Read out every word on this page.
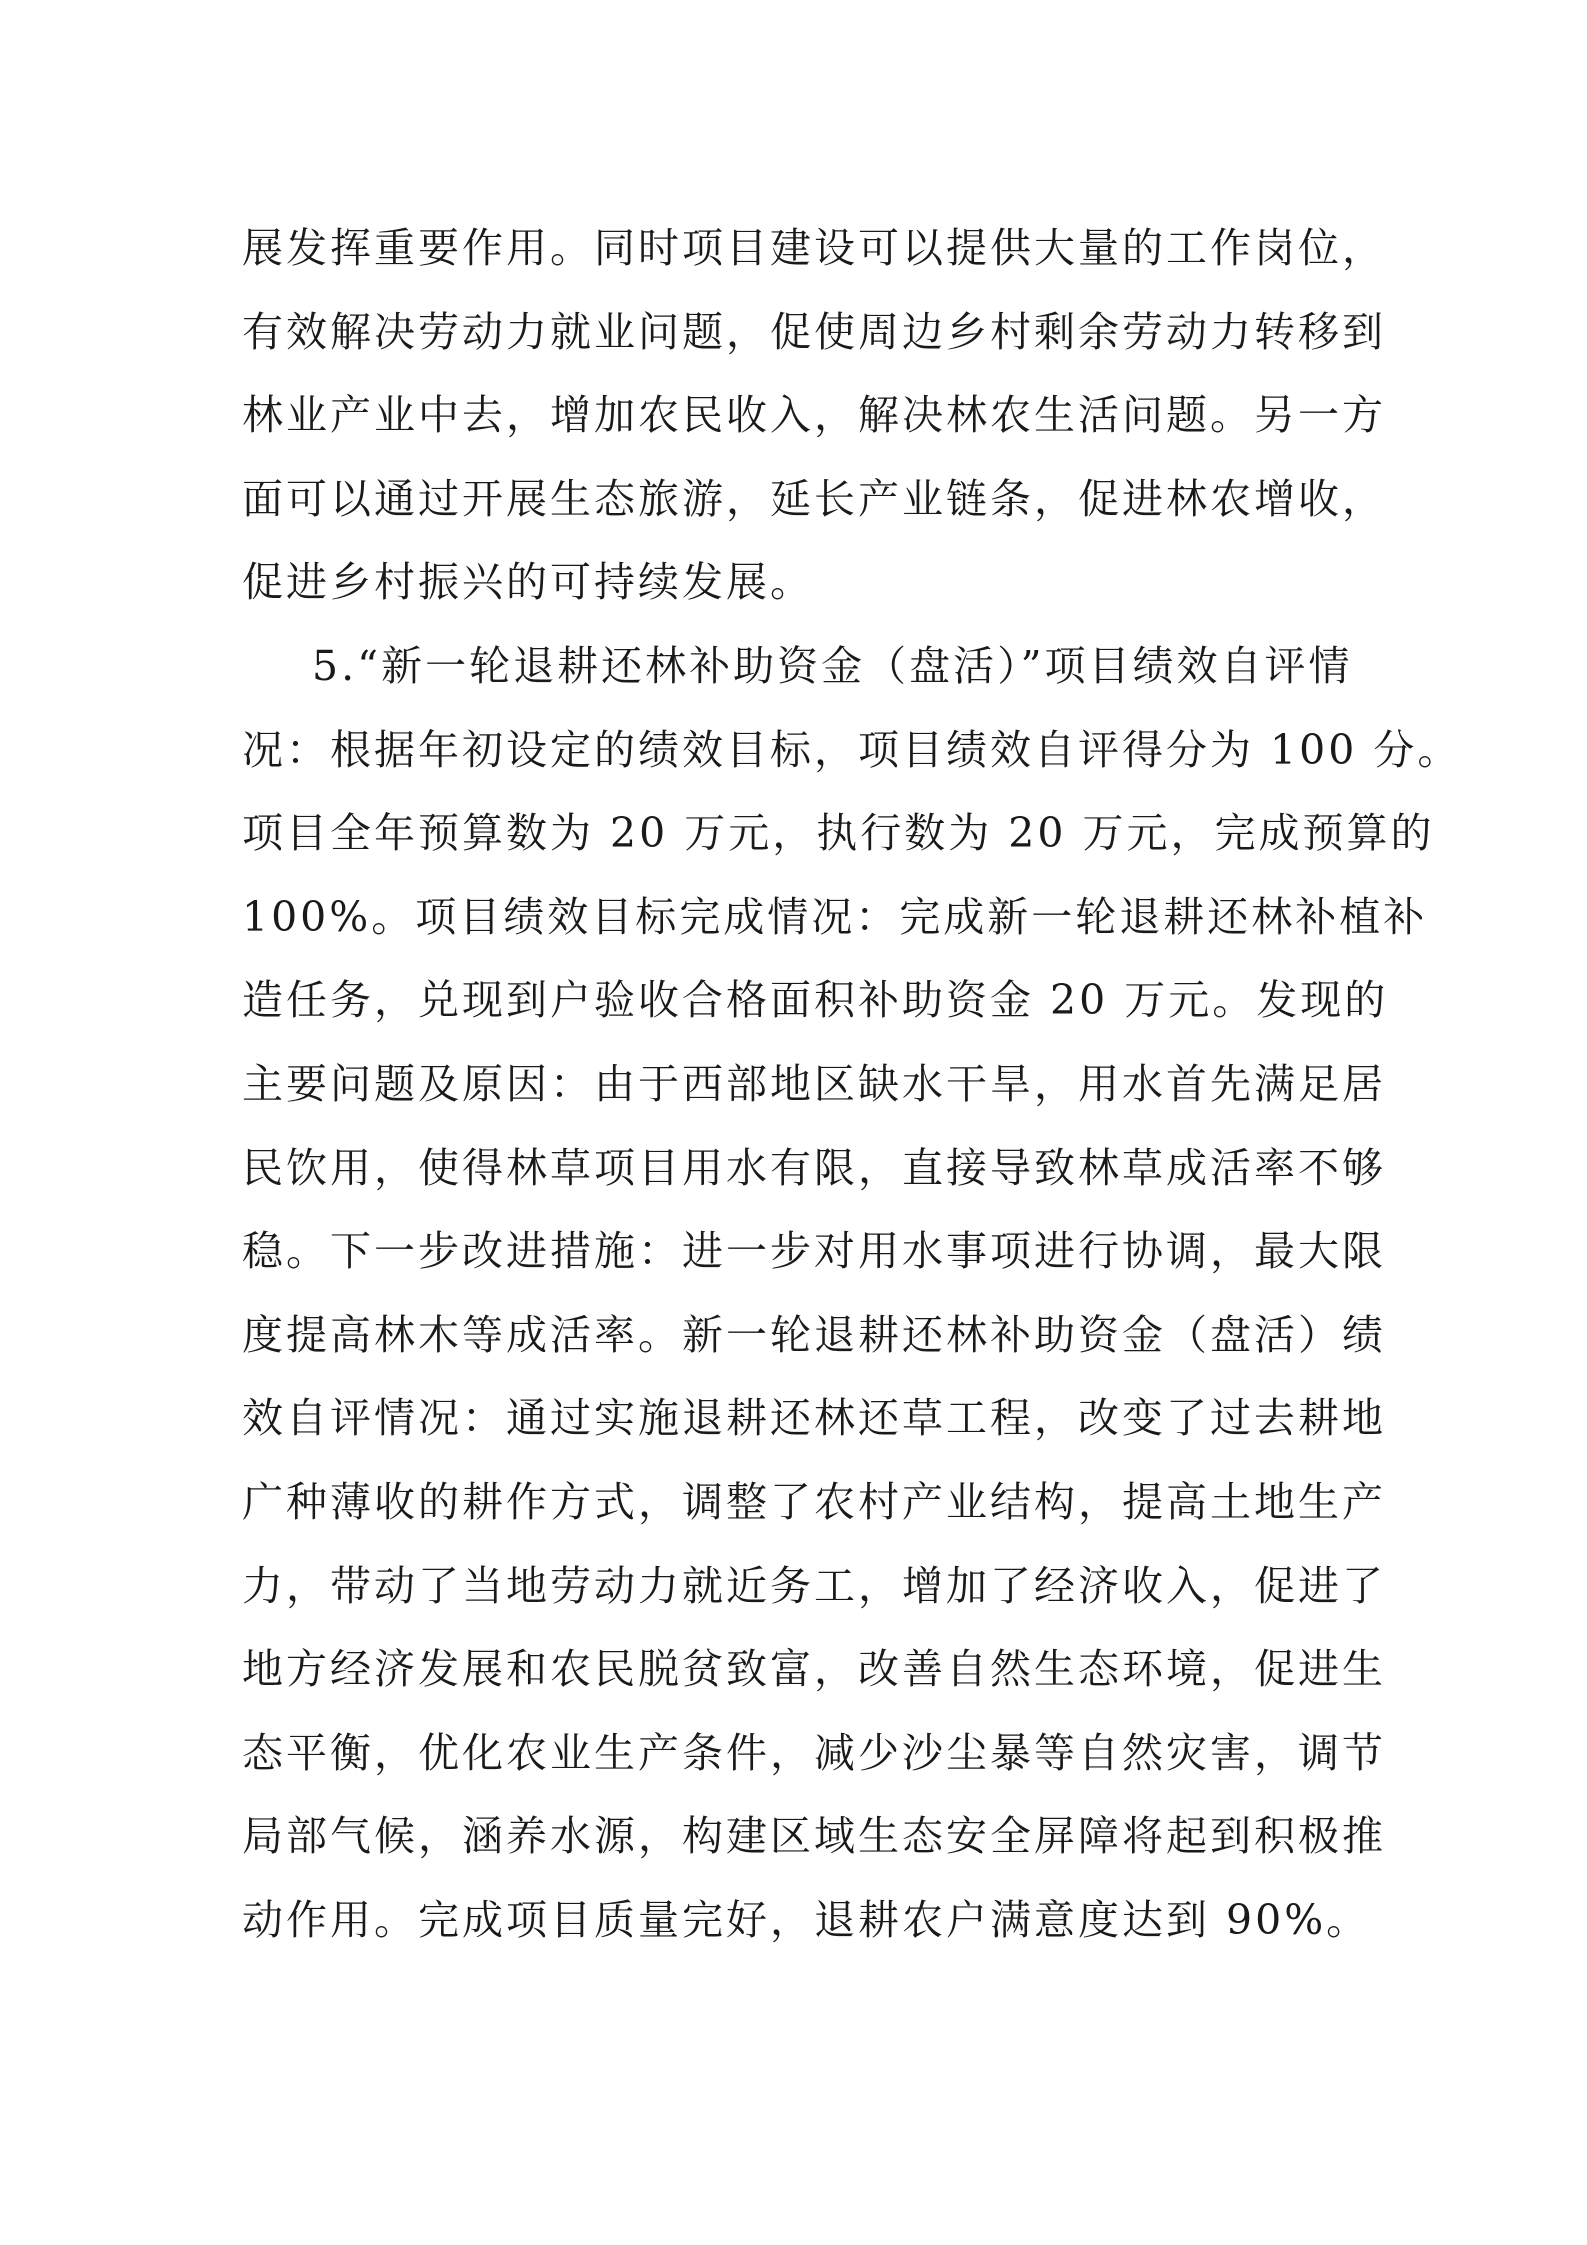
展发挥重要作用。同时项目建设可以提供大量的工作岗位，
有效解决劳动力就业问题，促使周边乡村剩余劳动力转移到
林业产业中去，增加农民收入，解决林农生活问题。另一方
面可以通过开展生态旅游，延长产业链条，促进林农增收，
促进乡村振兴的可持续发展。
5.“新一轮退耕还林补助资金（盘活）”项目绩效自评情
况：根据年初设定的绩效目标，项目绩效自评得分为 100 分。
项目全年预算数为 20 万元，执行数为 20 万元，完成预算的
100%。项目绩效目标完成情况：完成新一轮退耕还林补植补
造任务，兑现到户验收合格面积补助资金 20 万元。发现的
主要问题及原因：由于西部地区缺水干旱，用水首先满足居
民饮用，使得林草项目用水有限，直接导致林草成活率不够
稳。下一步改进措施：进一步对用水事项进行协调，最大限
度提高林木等成活率。新一轮退耕还林补助资金（盘活）绩
效自评情况：通过实施退耕还林还草工程，改变了过去耕地
广种薄收的耕作方式，调整了农村产业结构，提高土地生产
力，带动了当地劳动力就近务工，增加了经济收入，促进了
地方经济发展和农民脱贫致富，改善自然生态环境，促进生
态平衡，优化农业生产条件，减少沙尘暴等自然灾害，调节
局部气候，涵养水源，构建区域生态安全屏障将起到积极推
动作用。完成项目质量完好，退耕农户满意度达到 90%。
